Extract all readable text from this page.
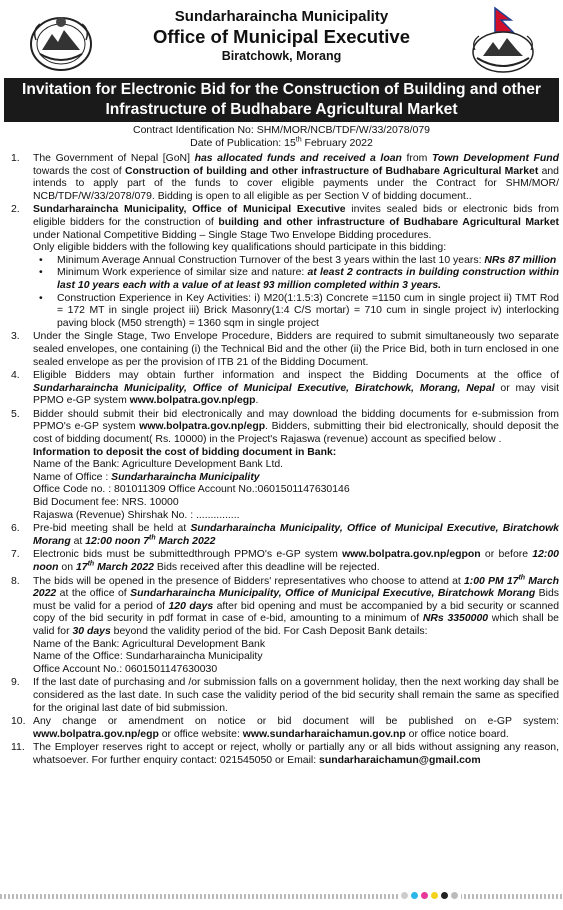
Sundarharaincha Municipality
Office of Municipal Executive
Biratchowk, Morang
Invitation for Electronic Bid for the Construction of Building and other Infrastructure of Budhabare Agricultural Market
Contract Identification No: SHM/MOR/NCB/TDF/W/33/2078/079
Date of Publication: 15th February 2022
1. The Government of Nepal [GoN] has allocated funds and received a loan from Town Development Fund towards the cost of Construction of building and other infrastructure of Budhabare Agricultural Market and intends to apply part of the funds to cover eligible payments under the Contract for SHM/MOR/ NCB/TDF/W/33/2078/079. Bidding is open to all eligible as per Section V of bidding document..
2. Sundarharaincha Municipality, Office of Municipal Executive invites sealed bids or electronic bids from eligible bidders for the construction of building and other infrastructure of Budhabare Agricultural Market under National Competitive Bidding – Single Stage Two Envelope Bidding procedures.
Only eligible bidders with the following key qualifications should participate in this bidding:
• Minimum Average Annual Construction Turnover of the best 3 years within the last 10 years: NRs 87 million
• Minimum Work experience of similar size and nature: at least 2 contracts in building construction within last 10 years each with a value of at least 93 million completed within 3 years.
• Construction Experience in Key Activities: i) M20(1:1.5:3) Concrete =1150 cum in single project ii) TMT Rod = 172 MT in single project iii) Brick Masonry(1:4 C/S mortar) = 710 cum in single project iv) interlocking paving block (M50 strength) = 1360 sqm in single project
3. Under the Single Stage, Two Envelope Procedure, Bidders are required to submit simultaneously two separate sealed envelopes, one containing (i) the Technical Bid and the other (ii) the Price Bid, both in turn enclosed in one sealed envelope as per the provision of ITB 21 of the Bidding Document.
4. Eligible Bidders may obtain further information and inspect the Bidding Documents at the office of Sundarharaincha Municipality, Office of Municipal Executive, Biratchowk, Morang, Nepal or may visit PPMO e-GP system www.bolpatra.gov.np/egp.
5. Bidder should submit their bid electronically and may download the bidding documents for e-submission from PPMO's e-GP system www.bolpatra.gov.np/egp. Bidders, submitting their bid electronically, should deposit the cost of bidding document( Rs. 10000) in the Project's Rajaswa (revenue) account as specified below .
Information to deposit the cost of bidding document in Bank:
Name of the Bank: Agriculture Development Bank Ltd.
Name of Office : Sundarharaincha Municipality
Office Code no. : 801011309 Office Account No.:0601501147630146
Bid Document fee: NRS. 10000
Rajaswa (Revenue) Shirshak No. : ...............
6. Pre-bid meeting shall be held at Sundarharaincha Municipality, Office of Municipal Executive, Biratchowk Morang at 12:00 noon 7th March 2022
7. Electronic bids must be submittedthrough PPMO's e-GP system www.bolpatra.gov.np/egpon or before 12:00 noon on 17th March 2022 Bids received after this deadline will be rejected.
8. The bids will be opened in the presence of Bidders' representatives who choose to attend at 1:00 PM 17th March 2022 at the office of Sundarharaincha Municipality, Office of Municipal Executive, Biratchowk Morang Bids must be valid for a period of 120 days after bid opening and must be accompanied by a bid security or scanned copy of the bid security in pdf format in case of e-bid, amounting to a minimum of NRs 3350000 which shall be valid for 30 days beyond the validity period of the bid. For Cash Deposit Bank details:
Name of the Bank: Agricultural Development Bank
Name of the Office: Sundarharaincha Municipality
Office Account No.: 0601501147630030
9. If the last date of purchasing and /or submission falls on a government holiday, then the next working day shall be considered as the last date. In such case the validity period of the bid security shall remain the same as specified for the original last date of bid submission.
10. Any change or amendment on notice or bid document will be published on e-GP system: www.bolpatra.gov.np/egp or office website: www.sundarharaichamun.gov.np or office notice board.
11. The Employer reserves right to accept or reject, wholly or partially any or all bids without assigning any reason, whatsoever. For further enquiry contact: 021545050 or Email: sundarharaichamun@gmail.com
